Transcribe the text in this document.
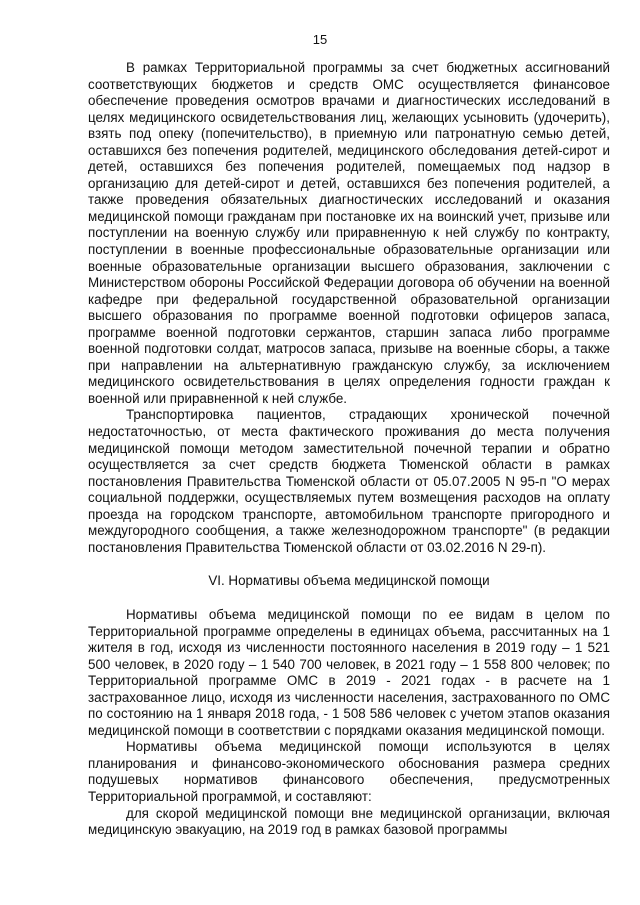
15

В рамках Территориальной программы за счет бюджетных ассигнований соответствующих бюджетов и средств ОМС осуществляется финансовое обеспечение проведения осмотров врачами и диагностических исследований в целях медицинского освидетельствования лиц, желающих усыновить (удочерить), взять под опеку (попечительство), в приемную или патронатную семью детей, оставшихся без попечения родителей, медицинского обследования детей-сирот и детей, оставшихся без попечения родителей, помещаемых под надзор в организацию для детей-сирот и детей, оставшихся без попечения родителей, а также проведения обязательных диагностических исследований и оказания медицинской помощи гражданам при постановке их на воинский учет, призыве или поступлении на военную службу или приравненную к ней службу по контракту, поступлении в военные профессиональные образовательные организации или военные образовательные организации высшего образования, заключении с Министерством обороны Российской Федерации договора об обучении на военной кафедре при федеральной государственной образовательной организации высшего образования по программе военной подготовки офицеров запаса, программе военной подготовки сержантов, старшин запаса либо программе военной подготовки солдат, матросов запаса, призыве на военные сборы, а также при направлении на альтернативную гражданскую службу, за исключением медицинского освидетельствования в целях определения годности граждан к военной или приравненной к ней службе.

Транспортировка пациентов, страдающих хронической почечной недостаточностью, от места фактического проживания до места получения медицинской помощи методом заместительной почечной терапии и обратно осуществляется за счет средств бюджета Тюменской области в рамках постановления Правительства Тюменской области от 05.07.2005 N 95-п "О мерах социальной поддержки, осуществляемых путем возмещения расходов на оплату проезда на городском транспорте, автомобильном транспорте пригородного и междугородного сообщения, а также железнодорожном транспорте" (в редакции постановления Правительства Тюменской области от 03.02.2016 N 29-п).

VI. Нормативы объема медицинской помощи

Нормативы объема медицинской помощи по ее видам в целом по Территориальной программе определены в единицах объема, рассчитанных на 1 жителя в год, исходя из численности постоянного населения в 2019 году – 1 521 500 человек, в 2020 году – 1 540 700 человек, в 2021 году – 1 558 800 человек; по Территориальной программе ОМС в 2019 - 2021 годах - в расчете на 1 застрахованное лицо, исходя из численности населения, застрахованного по ОМС по состоянию на 1 января 2018 года, - 1 508 586 человек с учетом этапов оказания медицинской помощи в соответствии с порядками оказания медицинской помощи.

Нормативы объема медицинской помощи используются в целях планирования и финансово-экономического обоснования размера средних подушевых нормативов финансового обеспечения, предусмотренных Территориальной программой, и составляют:

для скорой медицинской помощи вне медицинской организации, включая медицинскую эвакуацию, на 2019 год в рамках базовой программы
